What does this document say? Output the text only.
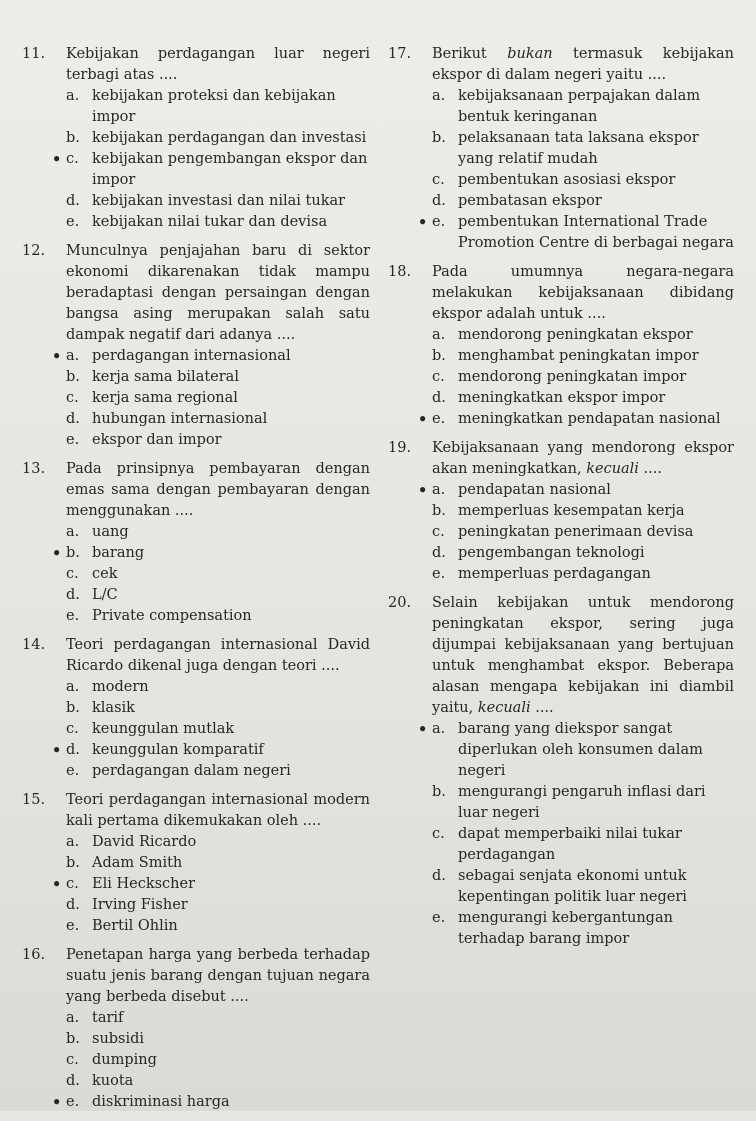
11. Kebijakan perdagangan luar negeri terbagi atas ....
a. kebijakan proteksi dan kebijakan impor
b. kebijakan perdagangan dan investasi
• c. kebijakan pengembangan ekspor dan impor
d. kebijakan investasi dan nilai tukar
e. kebijakan nilai tukar dan devisa
12. Munculnya penjajahan baru di sektor ekonomi dikarenakan tidak mampu beradaptasi dengan persaingan dengan bangsa asing merupakan salah satu dampak negatif dari adanya ....
• a. perdagangan internasional
b. kerja sama bilateral
c. kerja sama regional
d. hubungan internasional
e. ekspor dan impor
13. Pada prinsipnya pembayaran dengan emas sama dengan pembayaran dengan menggunakan ....
a. uang
• b. barang
c. cek
d. L/C
e. Private compensation
14. Teori perdagangan internasional David Ricardo dikenal juga dengan teori ....
a. modern
b. klasik
c. keunggulan mutlak
• d. keunggulan komparatif
e. perdagangan dalam negeri
15. Teori perdagangan internasional modern kali pertama dikemukakan oleh ....
a. David Ricardo
b. Adam Smith
• c. Eli Heckscher
d. Irving Fisher
e. Bertil Ohlin
16. Penetapan harga yang berbeda terhadap suatu jenis barang dengan tujuan negara yang berbeda disebut ....
a. tarif
b. subsidi
c. dumping
d. kuota
• e. diskriminasi harga
17. Berikut bukan termasuk kebijakan ekspor di dalam negeri yaitu ....
a. kebijaksanaan perpajakan dalam bentuk keringanan
b. pelaksanaan tata laksana ekspor yang relatif mudah
c. pembentukan asosiasi ekspor
d. pembatasan ekspor
• e. pembentukan International Trade Promotion Centre di berbagai negara
18. Pada umumnya negara-negara melakukan kebijaksanaan dibidang ekspor adalah untuk ....
a. mendorong peningkatan ekspor
b. menghambat peningkatan impor
c. mendorong peningkatan impor
d. meningkatkan ekspor impor
• e. meningkatkan pendapatan nasional
19. Kebijaksanaan yang mendorong ekspor akan meningkatkan, kecuali ....
• a. pendapatan nasional
b. memperluas kesempatan kerja
c. peningkatan penerimaan devisa
d. pengembangan teknologi
e. memperluas perdagangan
20. Selain kebijakan untuk mendorong peningkatan ekspor, sering juga dijumpai kebijaksanaan yang bertujuan untuk menghambat ekspor. Beberapa alasan mengapa kebijakan ini diambil yaitu, kecuali ....
• a. barang yang diekspor sangat diperlukan oleh konsumen dalam negeri
b. mengurangi pengaruh inflasi dari luar negeri
c. dapat memperbaiki nilai tukar perdagangan
d. sebagai senjata ekonomi untuk kepentingan politik luar negeri
e. mengurangi kebergantungan terhadap barang impor
